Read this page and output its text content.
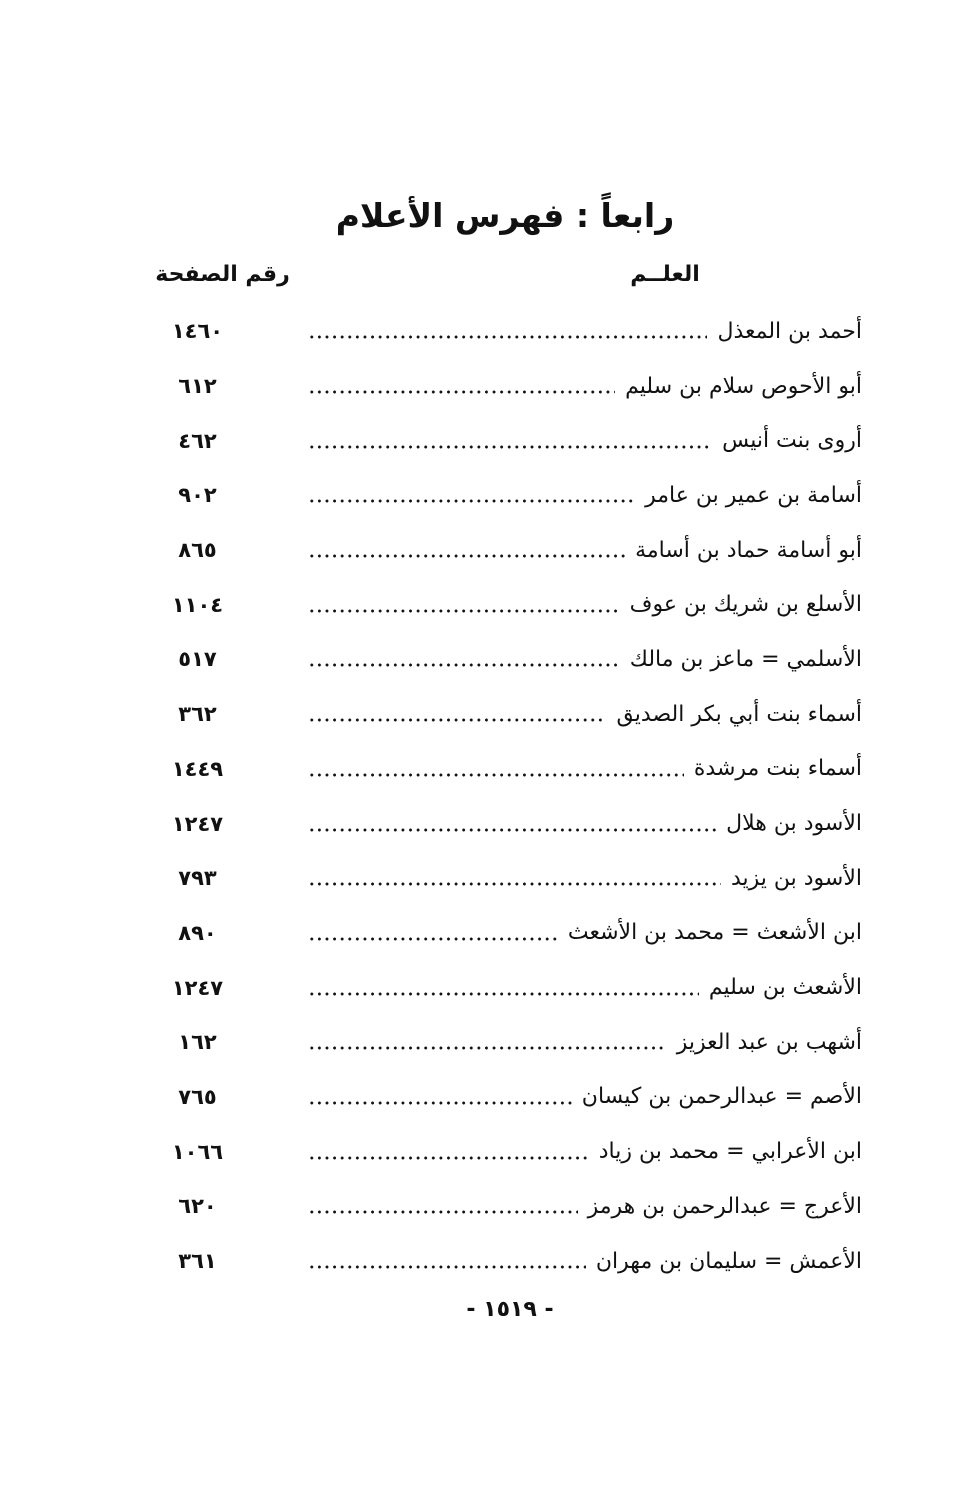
رابعاً : فهرس الأعلام
العلــم
رقم الصفحة
أحمد بن المعذل
١٤٦٠
أبو الأحوص سلام بن سليم
٦١٢
أروى بنت أنيس
٤٦٢
أسامة بن عمير بن عامر
٩٠٢
أبو أسامة حماد بن أسامة
٨٦٥
الأسلع بن شريك بن عوف
١١٠٤
الأسلمي = ماعز بن مالك
٥١٧
أسماء بنت أبي بكر الصديق
٣٦٢
أسماء بنت مرشدة
١٤٤٩
الأسود بن هلال
١٢٤٧
الأسود بن يزيد
٧٩٣
ابن الأشعث = محمد بن الأشعث
٨٩٠
الأشعث بن سليم
١٢٤٧
أشهب بن عبد العزيز
١٦٢
الأصم = عبدالرحمن بن كيسان
٧٦٥
ابن الأعرابي = محمد بن زياد
١٠٦٦
الأعرج = عبدالرحمن بن هرمز
٦٢٠
الأعمش = سليمان بن مهران
٣٦١
- ١٥١٩ -
